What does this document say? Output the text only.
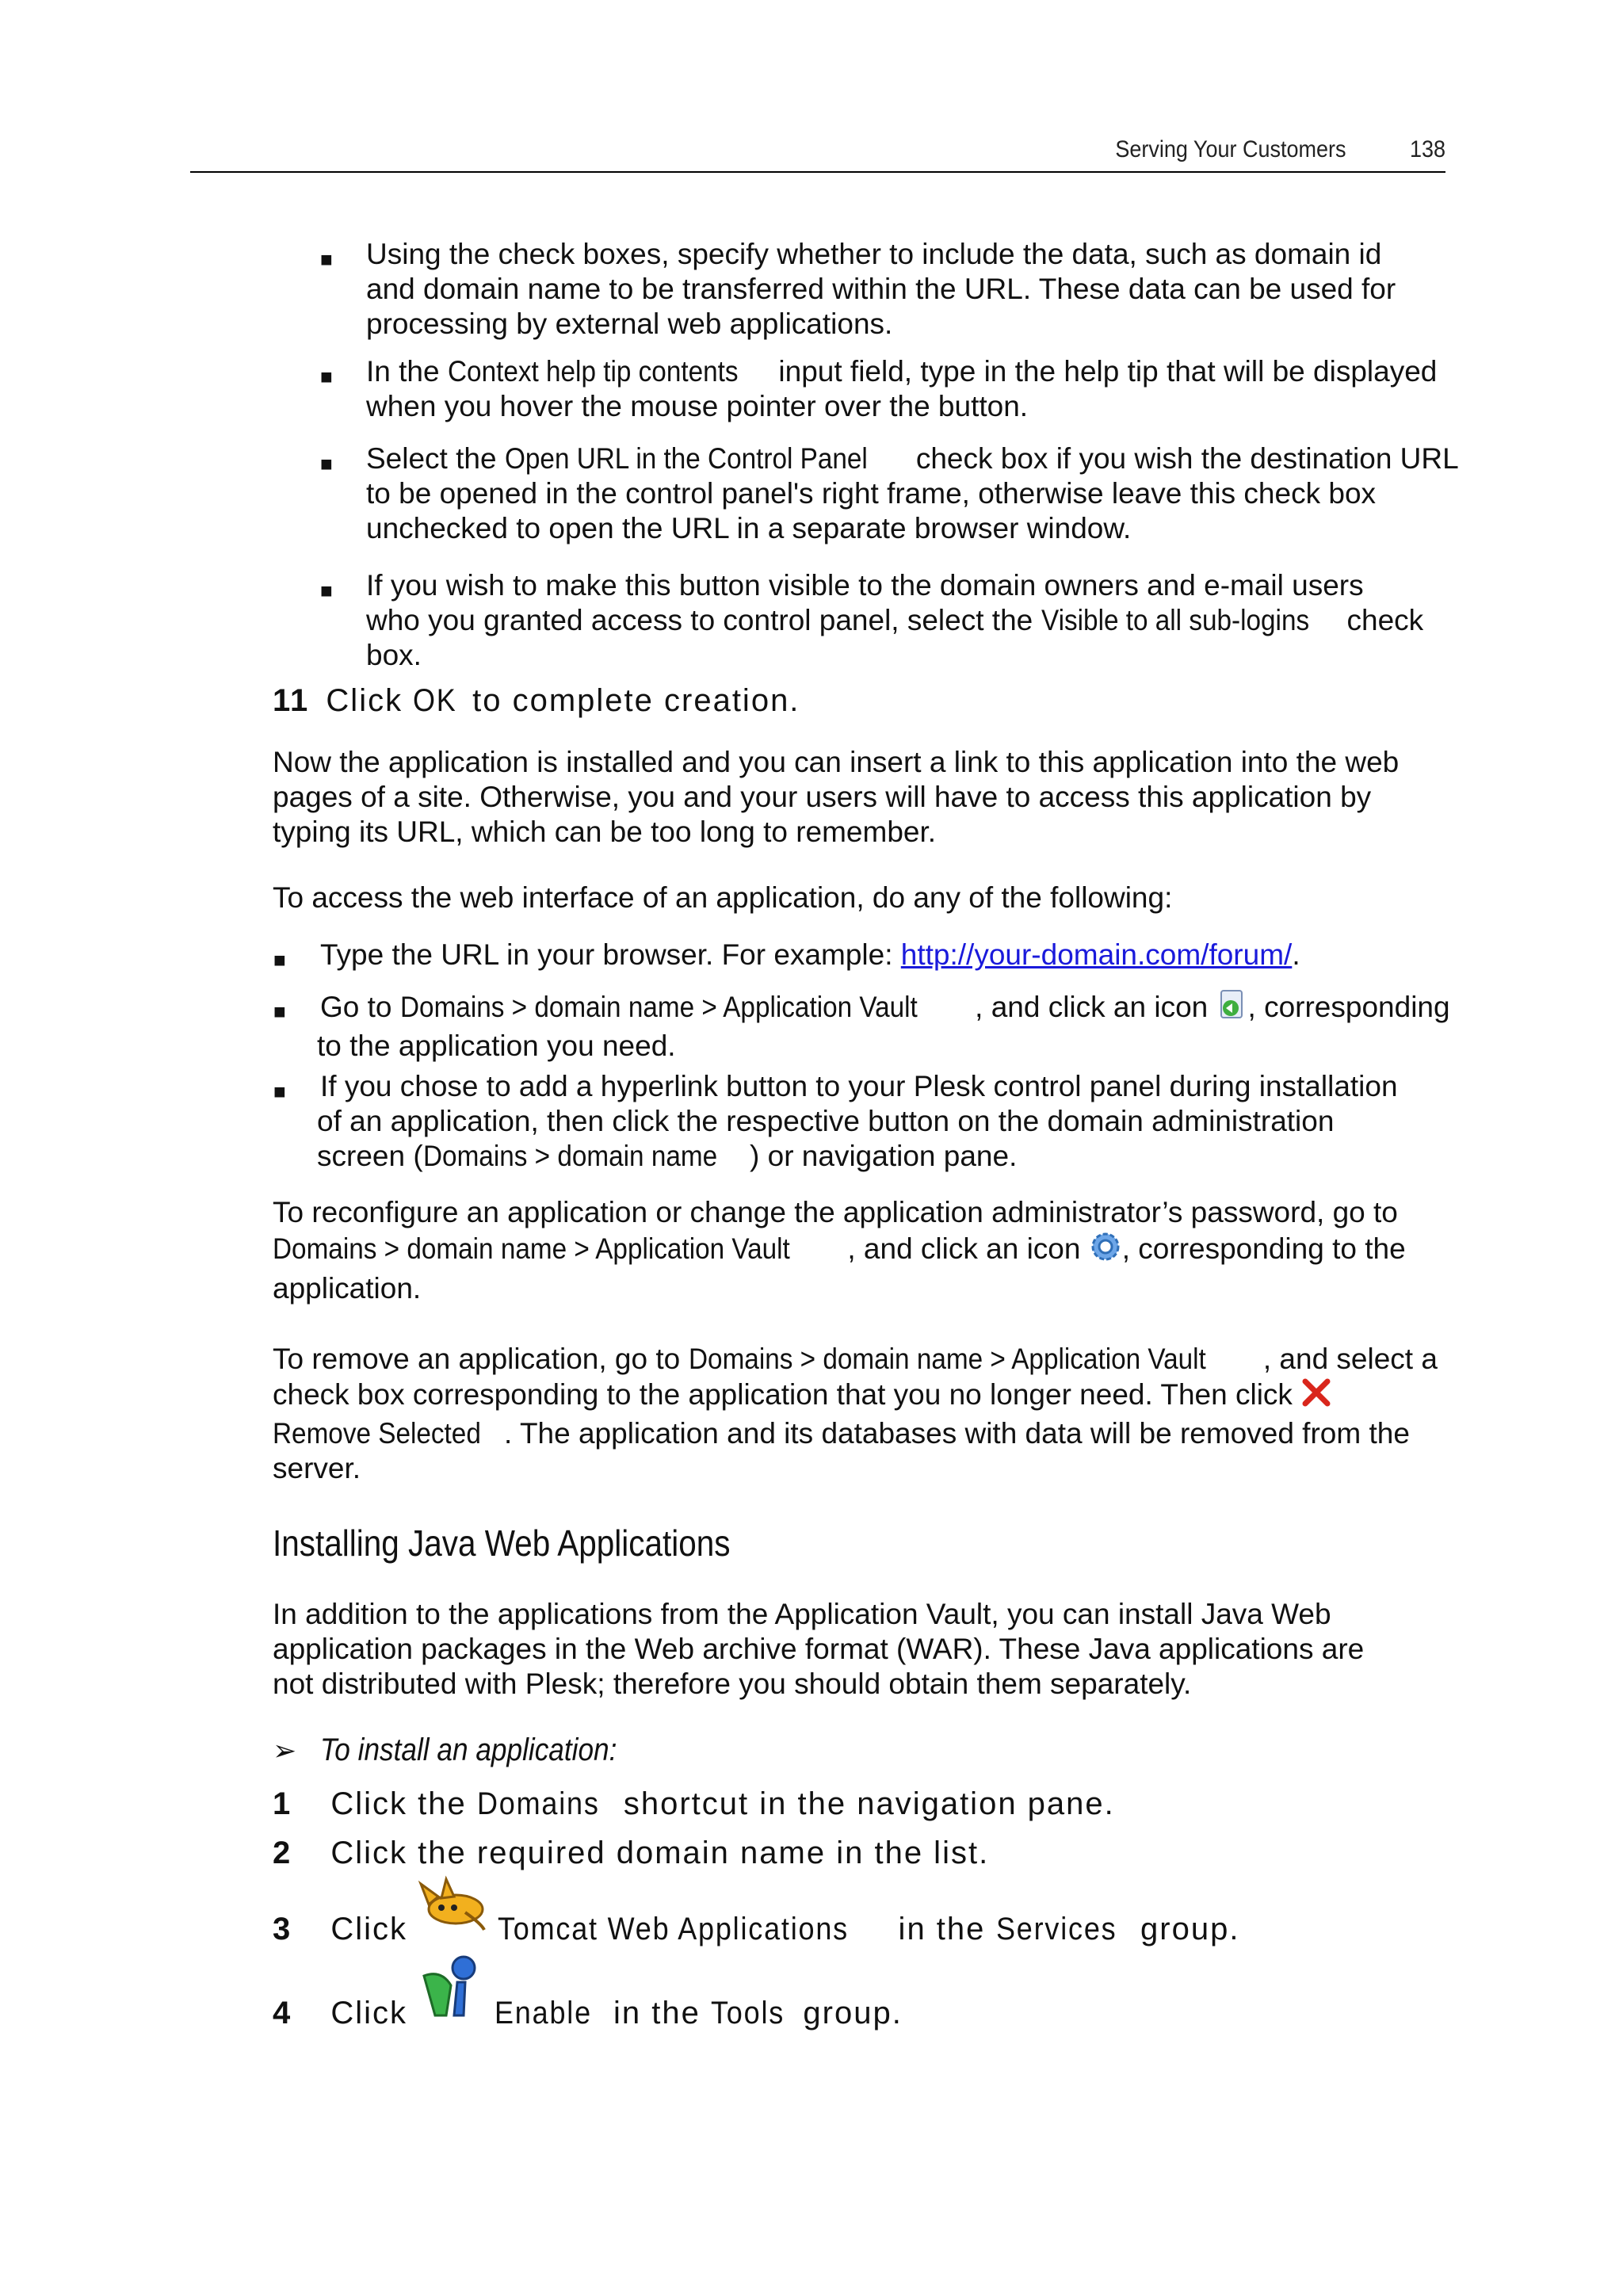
Serving Your Customers	138
■ Using the check boxes, specify whether to include the data, such as domain id
and domain name to be transferred within the URL. These data can be used for
processing by external web applications.
■ In the Context help tip contents input field, type in the help tip that will be displayed
when you hover the mouse pointer over the button.
■ Select the Open URL in the Control Panel check box if you wish the destination URL
to be opened in the control panel's right frame, otherwise leave this check box
unchecked to open the URL in a separate browser window.
■ If you wish to make this button visible to the domain owners and e-mail users
who you granted access to control panel, select the Visible to all sub-logins check
box.
11 Click OK to complete creation.
Now the application is installed and you can insert a link to this application into the web
pages of a site. Otherwise, you and your users will have to access this application by
typing its URL, which can be too long to remember.
To access the web interface of an application, do any of the following:
■ Type the URL in your browser. For example: http://your-domain.com/forum/.
■ Go to Domains > domain name > Application Vault , and click an icon , corresponding
to the application you need.
■ If you chose to add a hyperlink button to your Plesk control panel during installation
of an application, then click the respective button on the domain administration
screen (Domains > domain name ) or navigation pane.
To reconfigure an application or change the application administrator’s password, go to
Domains > domain name > Application Vault , and click an icon , corresponding to the
application.
To remove an application, go to Domains > domain name > Application Vault , and select a
check box corresponding to the application that you no longer need. Then click
Remove Selected . The application and its databases with data will be removed from the
server.
Installing Java Web Applications
In addition to the applications from the Application Vault, you can install Java Web
application packages in the Web archive format (WAR). These Java applications are
not distributed with Plesk; therefore you should obtain them separately.
➢ To install an application:
1 Click the Domains shortcut in the navigation pane.
2 Click the required domain name in the list.
3 Click	Tomcat Web Applications in the Services group.
4 Click  Enable in the Tools group.
